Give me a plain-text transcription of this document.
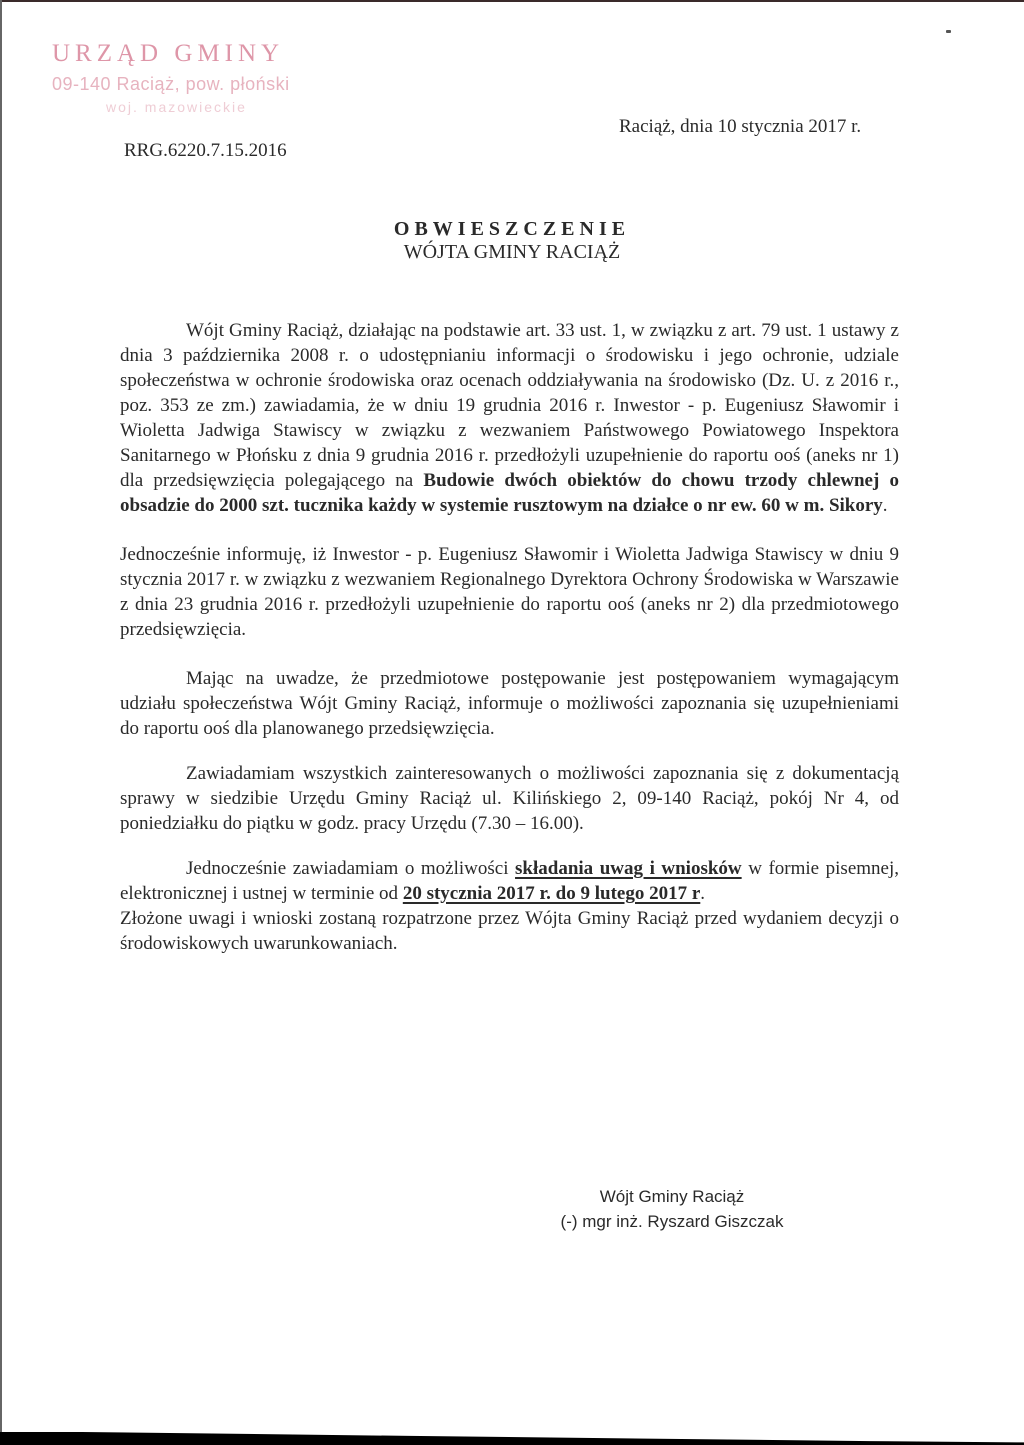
URZĄD GMINY
09-140 Raciąż, pow. płoński
woj. mazowieckie
Raciąż, dnia 10 stycznia 2017 r.
RRG.6220.7.15.2016
OBWIESZCZENIE
WÓJTA GMINY RACIĄŻ

Wójt Gminy Raciąż, działając na podstawie art. 33 ust. 1, w związku z art. 79 ust. 1 ustawy z dnia 3 października 2008 r. o udostępnianiu informacji o środowisku i jego ochronie, udziale społeczeństwa w ochronie środowiska oraz ocenach oddziaływania na środowisko (Dz. U. z 2016 r., poz. 353 ze zm.) zawiadamia, że w dniu 19 grudnia 2016 r. Inwestor - p. Eugeniusz Sławomir i Wioletta Jadwiga Stawiscy w związku z wezwaniem Państwowego Powiatowego Inspektora Sanitarnego w Płońsku z dnia 9 grudnia 2016 r. przedłożyli uzupełnienie do raportu ooś (aneks nr 1) dla przedsięwzięcia polegającego na Budowie dwóch obiektów do chowu trzody chlewnej o obsadzie do 2000 szt. tucznika każdy w systemie rusztowym na działce o nr ew. 60 w m. Sikory.

Jednocześnie informuję, iż Inwestor - p. Eugeniusz Sławomir i Wioletta Jadwiga Stawiscy w dniu 9 stycznia 2017 r. w związku z wezwaniem Regionalnego Dyrektora Ochrony Środowiska w Warszawie z dnia 23 grudnia 2016 r. przedłożyli uzupełnienie do raportu ooś (aneks nr 2) dla przedmiotowego przedsięwzięcia.

Mając na uwadze, że przedmiotowe postępowanie jest postępowaniem wymagającym udziału społeczeństwa Wójt Gminy Raciąż, informuje o możliwości zapoznania się uzupełnieniami do raportu ooś dla planowanego przedsięwzięcia.

Zawiadamiam wszystkich zainteresowanych o możliwości zapoznania się z dokumentacją sprawy w siedzibie Urzędu Gminy Raciąż ul. Kilińskiego 2, 09-140 Raciąż, pokój Nr 4, od poniedziałku do piątku w godz. pracy Urzędu (7.30 – 16.00).

Jednocześnie zawiadamiam o możliwości składania uwag i wniosków w formie pisemnej, elektronicznej i ustnej w terminie od 20 stycznia 2017 r. do 9 lutego 2017 r.

Złożone uwagi i wnioski zostaną rozpatrzone przez Wójta Gminy Raciąż przed wydaniem decyzji o środowiskowych uwarunkowaniach.

Wójt Gminy Raciąż
(-) mgr inż. Ryszard Giszczak
